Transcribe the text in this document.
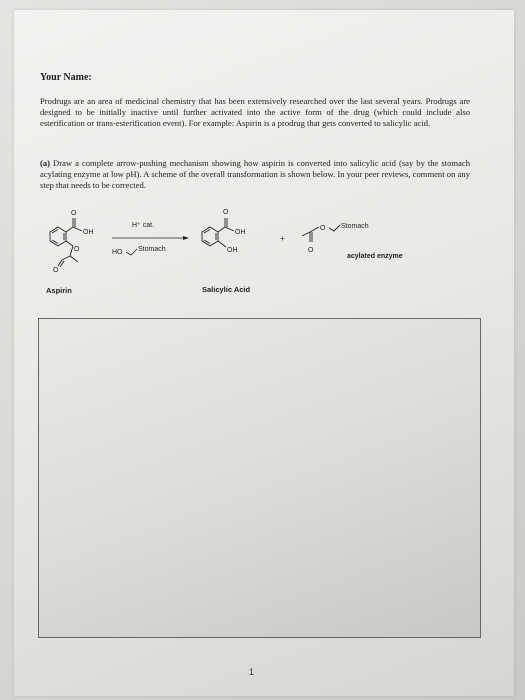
Your Name:
Prodrugs are an area of medicinal chemistry that has been extensively researched over the last several years. Prodrugs are designed to be initially inactive until further activated into the active form of the drug (which could include also esterification or trans-esterification event). For example: Aspirin is a prodrug that gets converted to salicylic acid.
(a) Draw a complete arrow-pushing mechanism showing how aspirin is converted into salicylic acid (say by the stomach acylating enzyme at low pH). A scheme of the overall transformation is shown below. In your peer reviews, comment on any step that needs to be corrected.
O
OH
O
O
Aspirin
H⁺ cat.
HO Stomach
O
OH
OH
Salicylic Acid
+
O
O
Stomach
acylated enzyme
1
